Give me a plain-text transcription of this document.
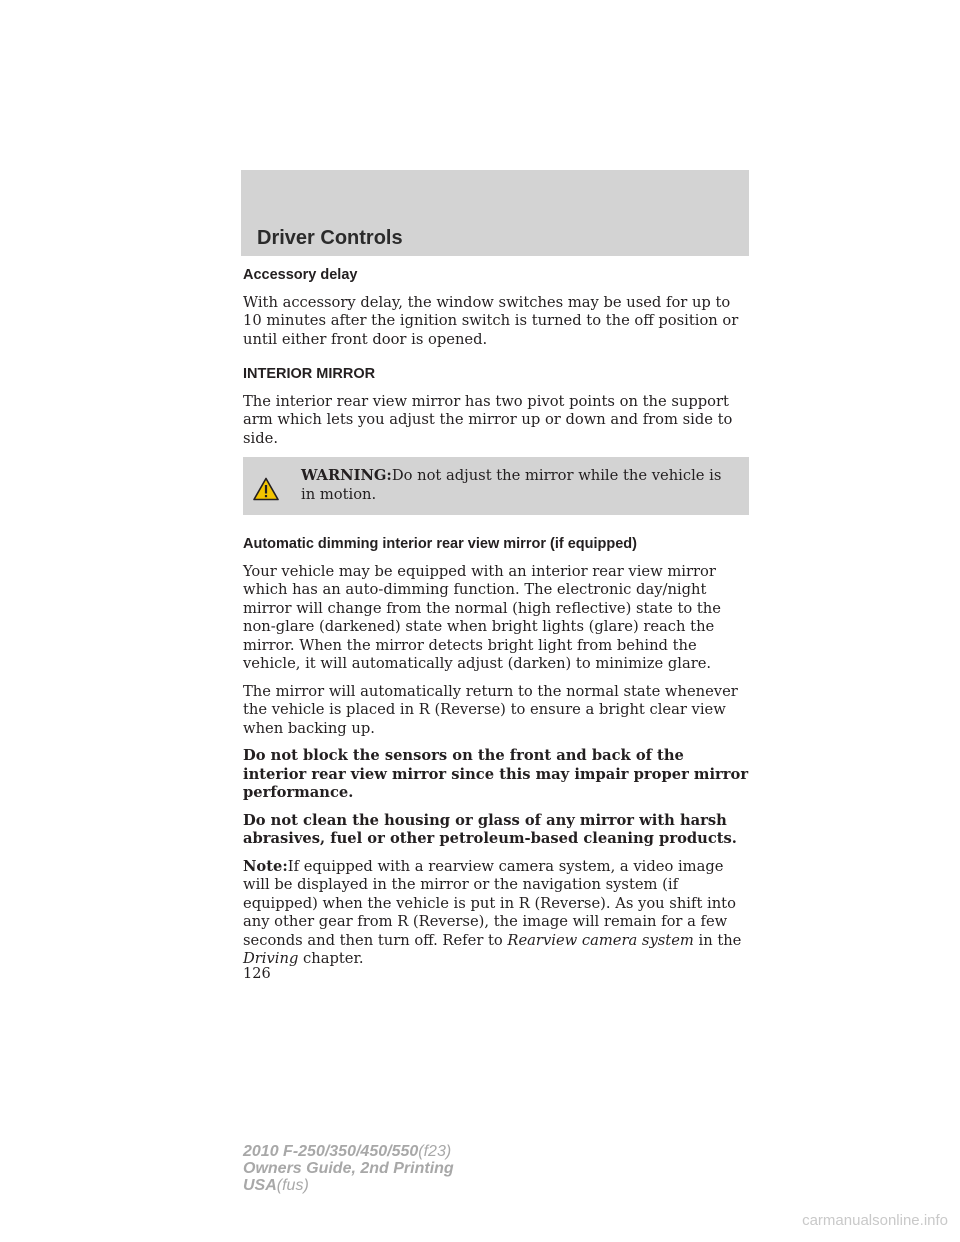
Driver Controls
Accessory delay

With accessory delay, the window switches may be used for up to 10 minutes after the ignition switch is turned to the off position or until either front door is opened.

INTERIOR MIRROR

The interior rear view mirror has two pivot points on the support arm which lets you adjust the mirror up or down and from side to side.

WARNING:Do not adjust the mirror while the vehicle is in motion.

Automatic dimming interior rear view mirror (if equipped)

Your vehicle may be equipped with an interior rear view mirror which has an auto-dimming function. The electronic day/night mirror will change from the normal (high reflective) state to the non-glare (darkened) state when bright lights (glare) reach the mirror. When the mirror detects bright light from behind the vehicle, it will automatically adjust (darken) to minimize glare.

The mirror will automatically return to the normal state whenever the vehicle is placed in R (Reverse) to ensure a bright clear view when backing up.

Do not block the sensors on the front and back of the interior rear view mirror since this may impair proper mirror performance.

Do not clean the housing or glass of any mirror with harsh abrasives, fuel or other petroleum-based cleaning products.

Note:If equipped with a rearview camera system, a video image will be displayed in the mirror or the navigation system (if equipped) when the vehicle is put in R (Reverse). As you shift into any other gear from R (Reverse), the image will remain for a few seconds and then turn off. Refer to Rearview camera system in the Driving chapter.

126

2010 F-250/350/450/550(f23)
Owners Guide, 2nd Printing
USA(fus)

carmanualsonline.info
